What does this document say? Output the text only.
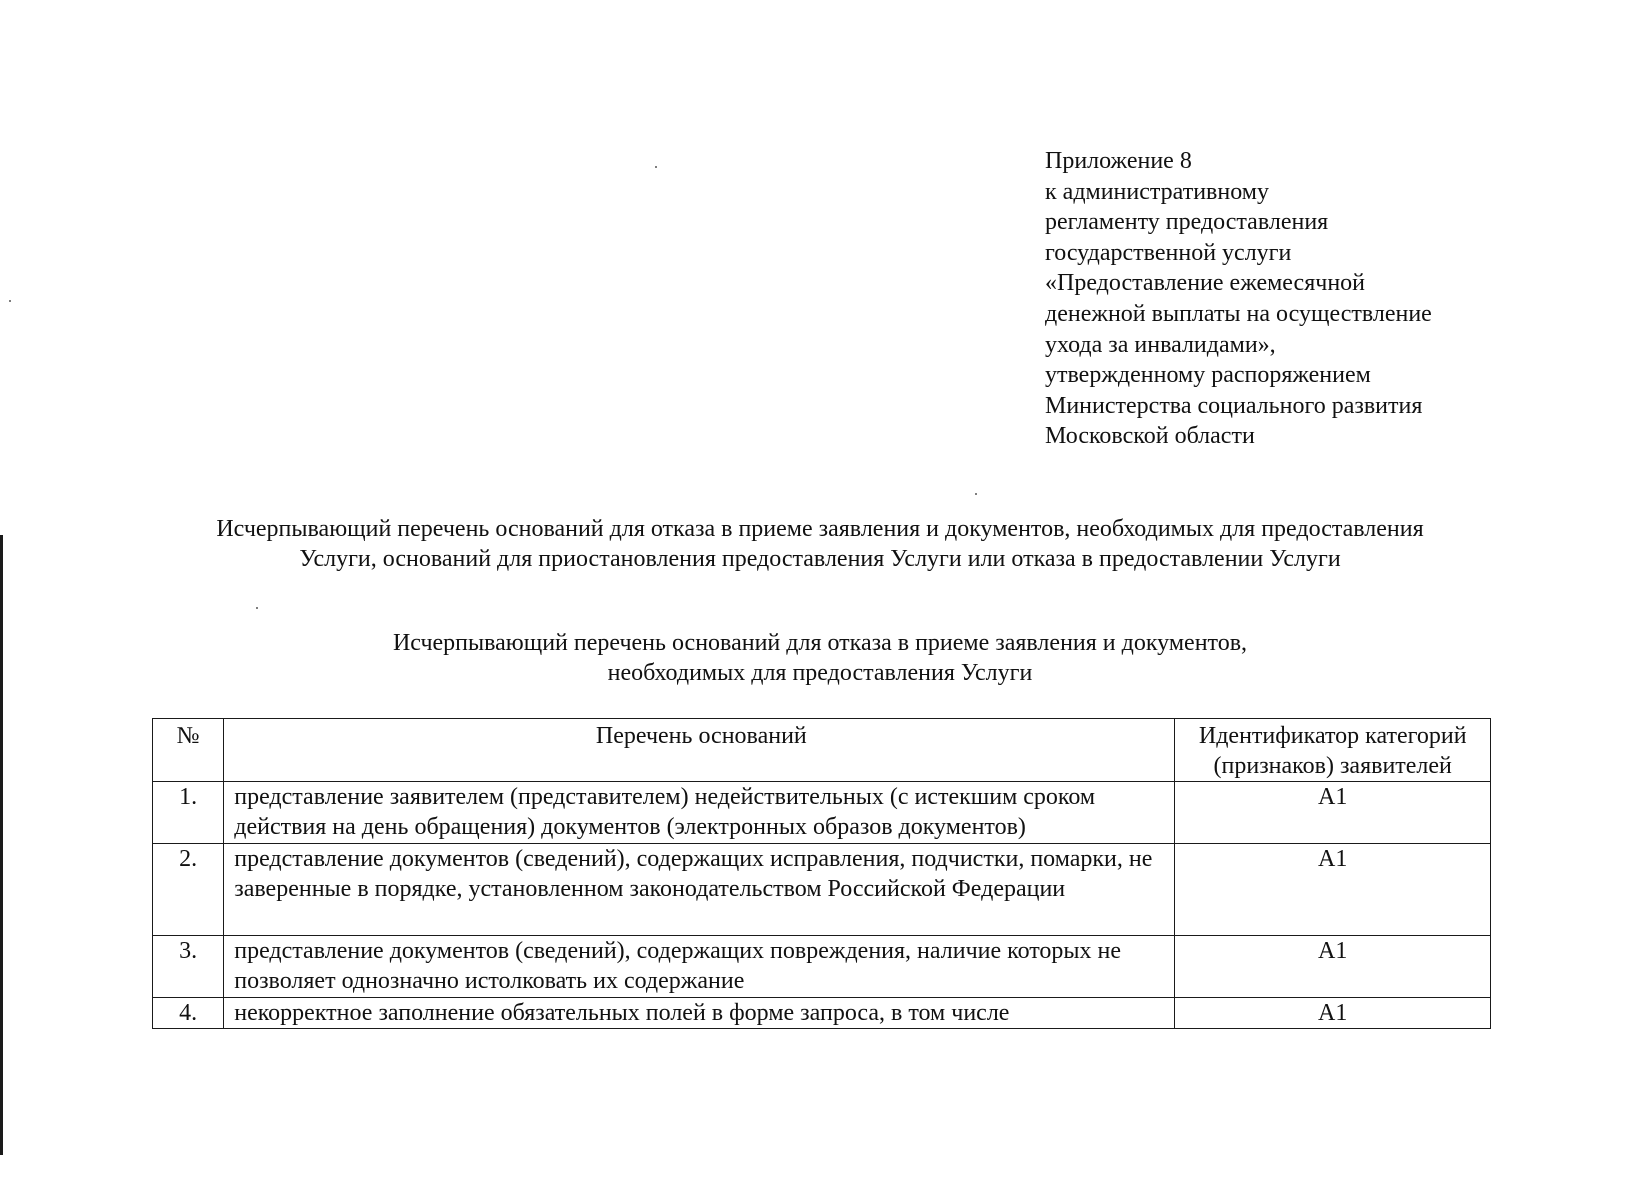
Приложение 8
к административному
регламенту предоставления
государственной услуги
«Предоставление ежемесячной
денежной выплаты на осуществление
ухода за инвалидами»,
утвержденному распоряжением
Министерства социального развития
Московской области
Исчерпывающий перечень оснований для отказа в приеме заявления и документов, необходимых для предоставления
Услуги, оснований для приостановления предоставления Услуги или отказа в предоставлении Услуги
Исчерпывающий перечень оснований для отказа в приеме заявления и документов,
необходимых для предоставления Услуги
№	Перечень оснований	Идентификатор категорий (признаков) заявителей
1.	представление заявителем (представителем) недействительных (с истекшим сроком действия на день обращения) документов (электронных образов документов)	А1
2.	представление документов (сведений), содержащих исправления, подчистки, помарки, не заверенные в порядке, установленном законодательством Российской Федерации	А1
3.	представление документов (сведений), содержащих повреждения, наличие которых не позволяет однозначно истолковать их содержание	А1
4.	некорректное заполнение обязательных полей в форме запроса, в том числе	А1
